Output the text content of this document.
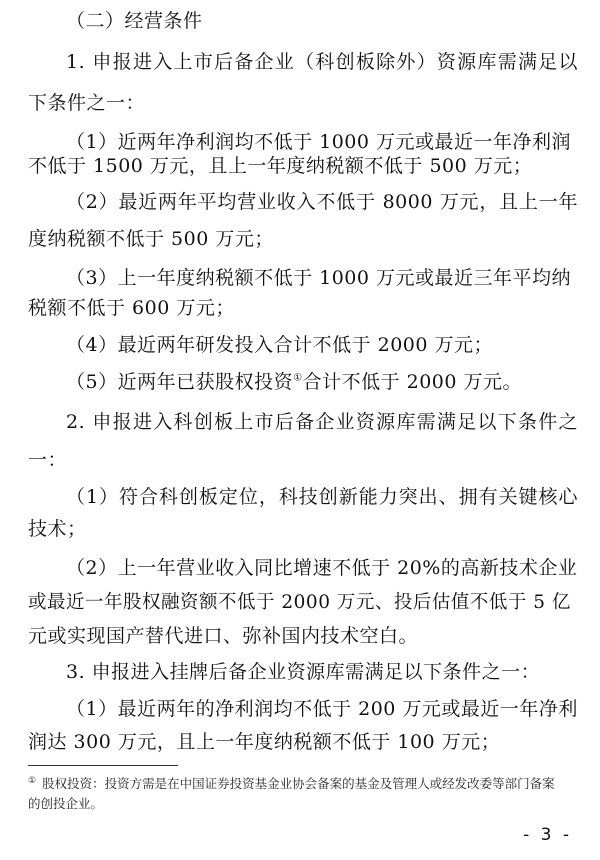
（二）经营条件
1. 申报进入上市后备企业（科创板除外）资源库需满足以
下条件之一：
（1）近两年净利润均不低于 1000 万元或最近一年净利润
不低于 1500 万元，且上一年度纳税额不低于 500 万元；
（2）最近两年平均营业收入不低于 8000 万元，且上一年
度纳税额不低于 500 万元；
（3）上一年度纳税额不低于 1000 万元或最近三年平均纳
税额不低于 600 万元；
（4）最近两年研发投入合计不低于 2000 万元；
（5）近两年已获股权投资①合计不低于 2000 万元。
2. 申报进入科创板上市后备企业资源库需满足以下条件之
一：
（1）符合科创板定位，科技创新能力突出、拥有关键核心
技术；
（2）上一年营业收入同比增速不低于 20%的高新技术企业
或最近一年股权融资额不低于 2000 万元、投后估值不低于 5 亿
元或实现国产替代进口、弥补国内技术空白。
3. 申报进入挂牌后备企业资源库需满足以下条件之一：
（1）最近两年的净利润均不低于 200 万元或最近一年净利
润达 300 万元，且上一年度纳税额不低于 100 万元；
① 股权投资：投资方需是在中国证券投资基金业协会备案的基金及管理人或经发改委等部门备案
的创投企业。
- 3 -
